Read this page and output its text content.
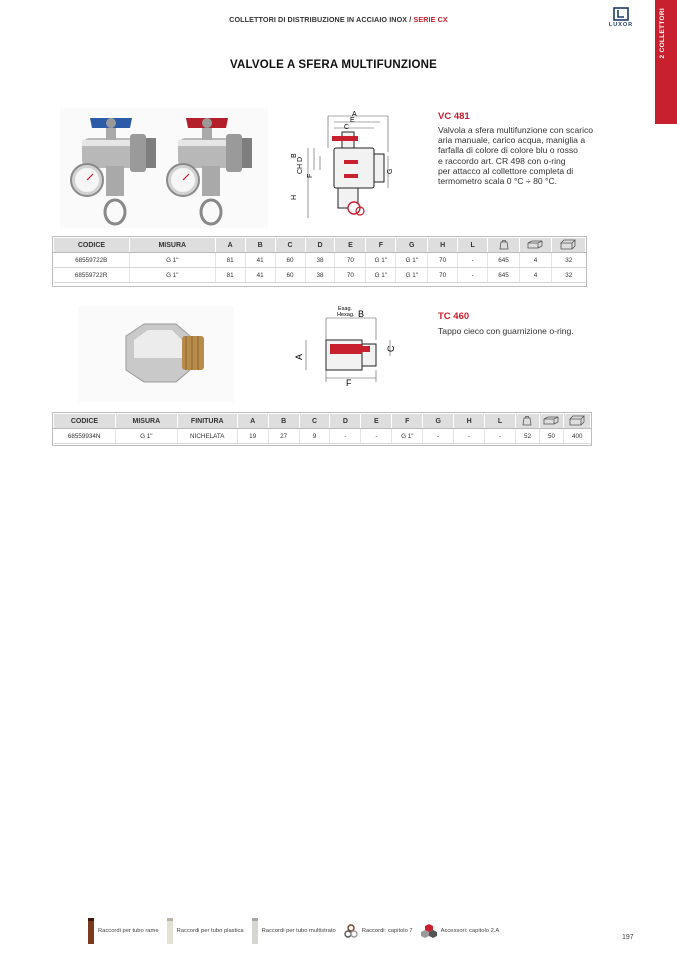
COLLETTORI DI DISTRIBUZIONE IN ACCIAIO INOX / SERIE CX
LUXOR	2 COLLETTORI
VALVOLE A SFERA MULTIFUNZIONE
A
E
C
B
CH D
F
H
G
VC 481
Valvola a sfera multifunzione con scarico
aria manuale, carico acqua, maniglia a
farfalla di colore di colore blu o rosso
e raccordo art. CR 498 con o-ring
per attacco al collettore completa di
termometro scala 0 °C ÷ 80 °C.
CODICE	MISURA	A	B	C	D	E	F	G	H	L			
68559722B	G 1"	81	41	60	38	70	G 1"	G 1"	70	-	645	4	32
68559722R	G 1"	81	41	60	38	70	G 1"	G 1"	70	-	645	4	32
Esag.
Hexag. B
A
C
F
TC 460
Tappo cieco con guarnizione o-ring.
CODICE	MISURA	FINITURA	A	B	C	D	E	F	G	H	L			
68559934N	G 1"	NICHELATA	19	27	9	-	-	G 1"	-	-	-	52	50	400
Raccordi per tubo rame	Raccordi per tubo plastica	Raccordi per tubo multistrato	Raccordi: capitolo 7	Accessori: capitolo 2.A
197
